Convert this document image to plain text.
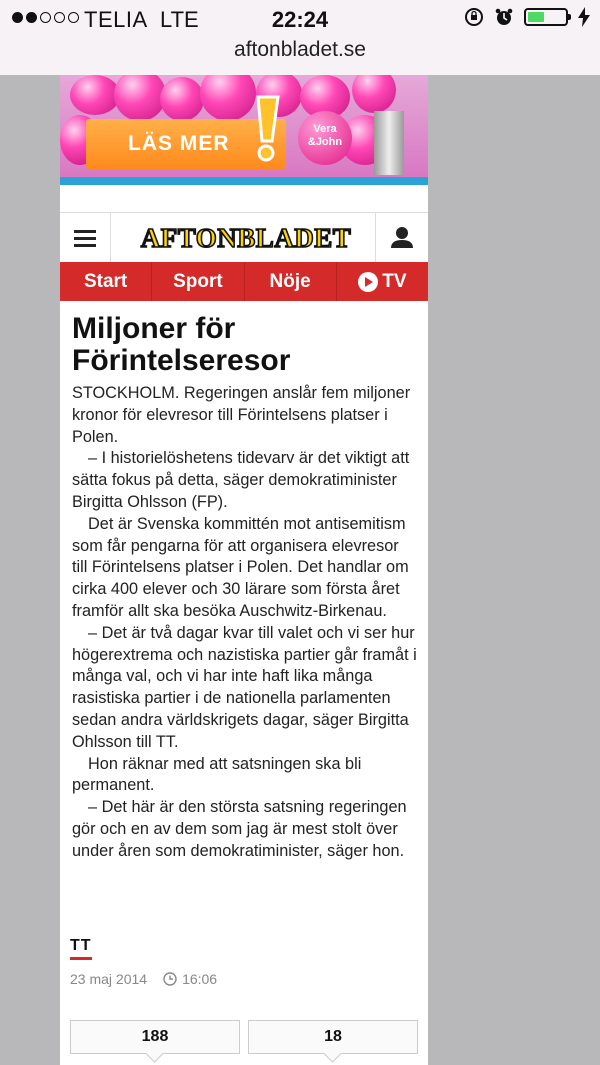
TELIA LTE	22:24
aftonbladet.se
LÄS MER
Vera &John
AFTONBLADET
Start	Sport	Nöje	TV
Miljoner för Förintelseresor

STOCKHOLM. Regeringen anslår fem miljoner kronor för elevresor till Förintelsens platser i Polen.

– I historielöshetens tidevarv är det viktigt att sätta fokus på detta, säger demokratiminister Birgitta Ohlsson (FP).

Det är Svenska kommittén mot antisemitism som får pengarna för att organisera elevresor till Förintelsens platser i Polen. Det handlar om cirka 400 elever och 30 lärare som första året framför allt ska besöka Auschwitz-Birkenau.

– Det är två dagar kvar till valet och vi ser hur högerextrema och nazistiska partier går framåt i många val, och vi har inte haft lika många rasistiska partier i de nationella parlamenten sedan andra världskrigets dagar, säger Birgitta Ohlsson till TT.

Hon räknar med att satsningen ska bli permanent.

– Det här är den största satsning regeringen gör och en av dem som jag är mest stolt över under åren som demokratiminister, säger hon.

TT
23 maj 2014	16:06
188	18
